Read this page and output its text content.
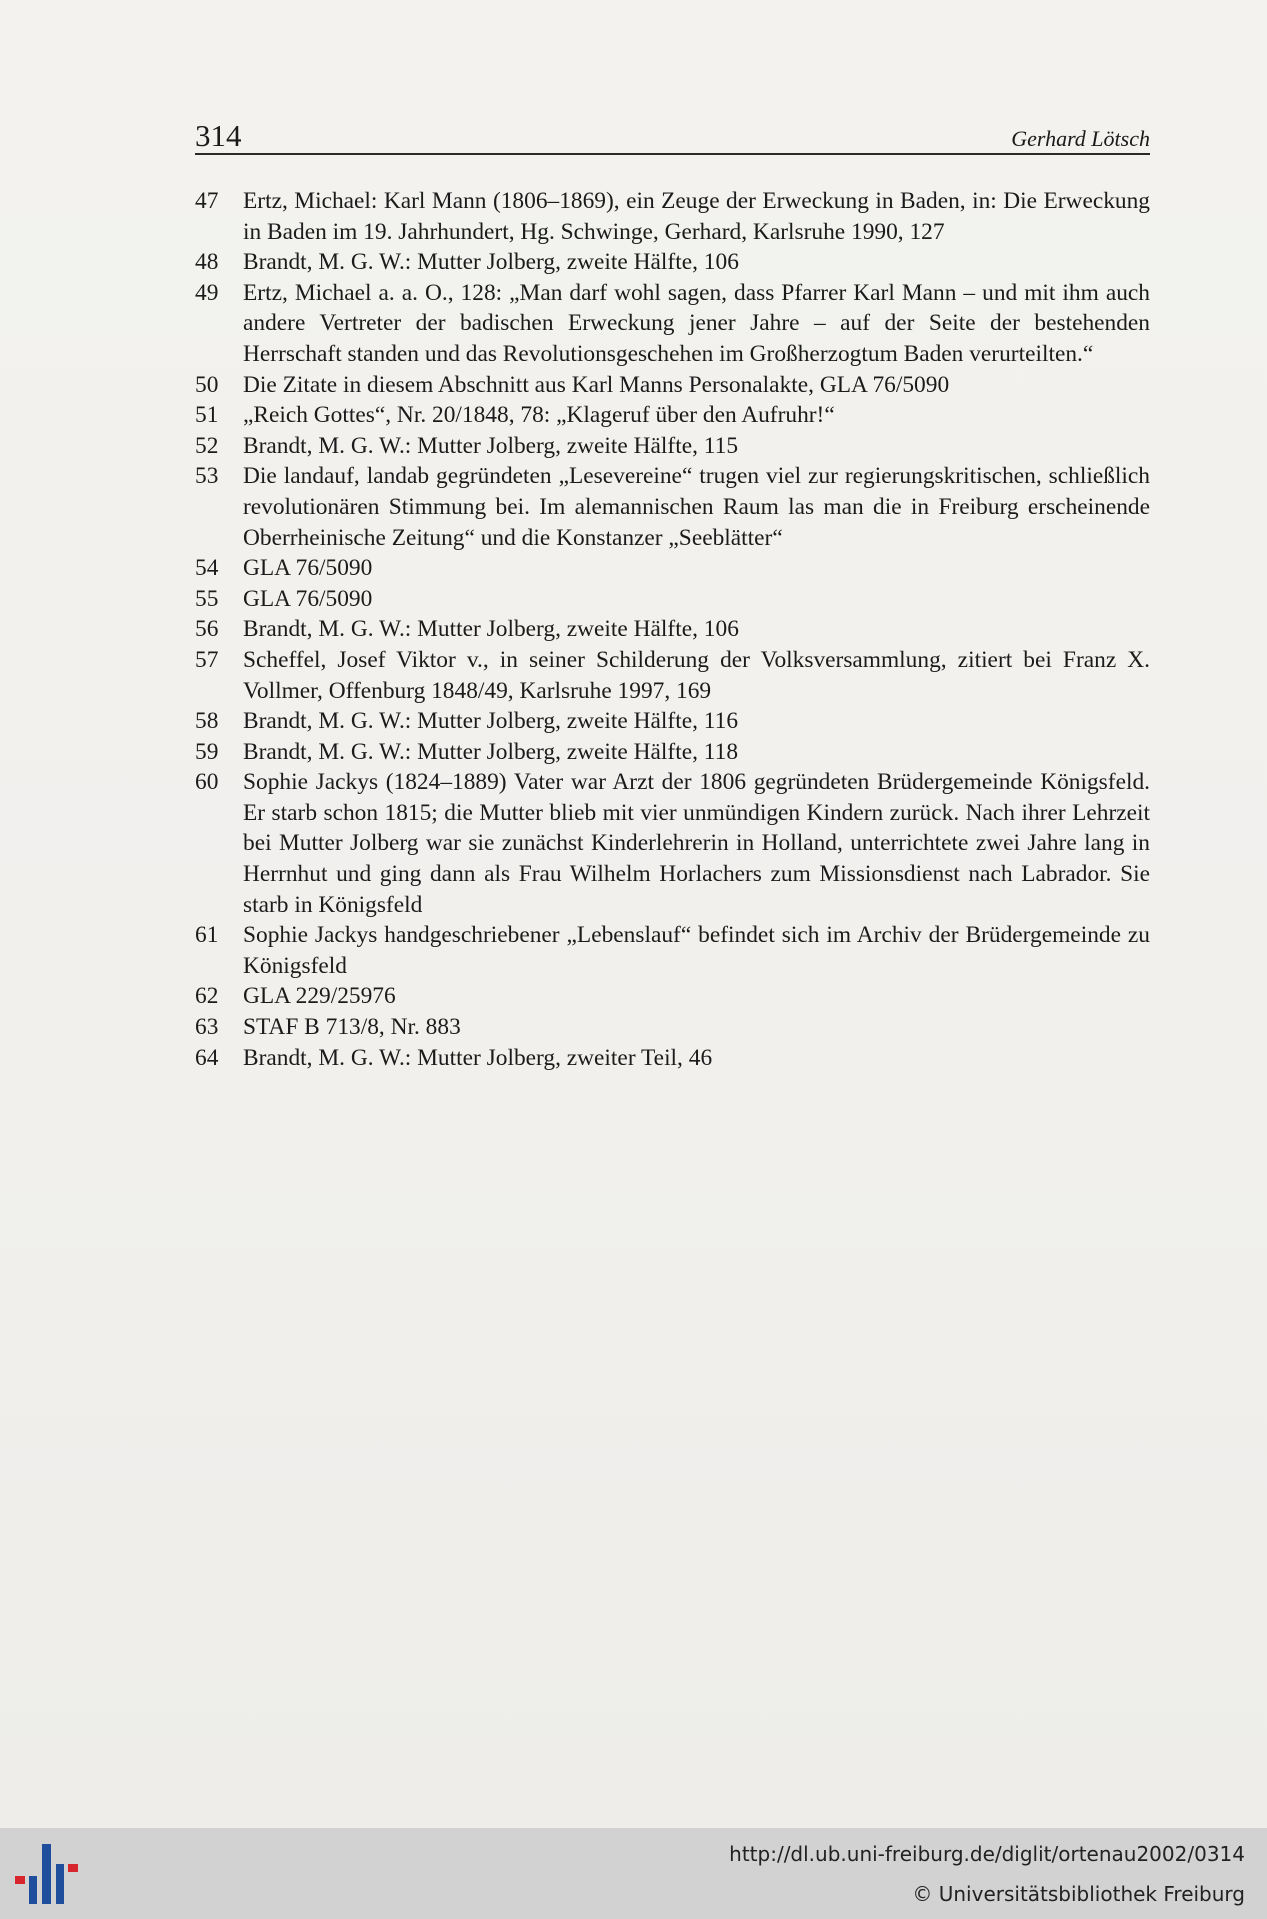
314	Gerhard Lötsch
47	Ertz, Michael: Karl Mann (1806–1869), ein Zeuge der Erweckung in Baden, in: Die Erweckung in Baden im 19. Jahrhundert, Hg. Schwinge, Gerhard, Karlsruhe 1990, 127
48	Brandt, M. G. W.: Mutter Jolberg, zweite Hälfte, 106
49	Ertz, Michael a. a. O., 128: „Man darf wohl sagen, dass Pfarrer Karl Mann – und mit ihm auch andere Vertreter der badischen Erweckung jener Jahre – auf der Seite der bestehenden Herrschaft standen und das Revolutionsgeschehen im Großherzogtum Baden verurteilten.“
50	Die Zitate in diesem Abschnitt aus Karl Manns Personalakte, GLA 76/5090
51	„Reich Gottes“, Nr. 20/1848, 78: „Klageruf über den Aufruhr!“
52	Brandt, M. G. W.: Mutter Jolberg, zweite Hälfte, 115
53	Die landauf, landab gegründeten „Lesevereine“ trugen viel zur regierungskritischen, schließlich revolutionären Stimmung bei. Im alemannischen Raum las man die in Freiburg erscheinende Oberrheinische Zeitung“ und die Konstanzer „Seeblätter“
54	GLA 76/5090
55	GLA 76/5090
56	Brandt, M. G. W.: Mutter Jolberg, zweite Hälfte, 106
57	Scheffel, Josef Viktor v., in seiner Schilderung der Volksversammlung, zitiert bei Franz X. Vollmer, Offenburg 1848/49, Karlsruhe 1997, 169
58	Brandt, M. G. W.: Mutter Jolberg, zweite Hälfte, 116
59	Brandt, M. G. W.: Mutter Jolberg, zweite Hälfte, 118
60	Sophie Jackys (1824–1889) Vater war Arzt der 1806 gegründeten Brüdergemeinde Königsfeld. Er starb schon 1815; die Mutter blieb mit vier unmündigen Kindern zurück. Nach ihrer Lehrzeit bei Mutter Jolberg war sie zunächst Kinderlehrerin in Holland, unterrichtete zwei Jahre lang in Herrnhut und ging dann als Frau Wilhelm Horlachers zum Missionsdienst nach Labrador. Sie starb in Königsfeld
61	Sophie Jackys handgeschriebener „Lebenslauf“ befindet sich im Archiv der Brüdergemeinde zu Königsfeld
62	GLA 229/25976
63	STAF B 713/8, Nr. 883
64	Brandt, M. G. W.: Mutter Jolberg, zweiter Teil, 46
http://dl.ub.uni-freiburg.de/diglit/ortenau2002/0314
© Universitätsbibliothek Freiburg
